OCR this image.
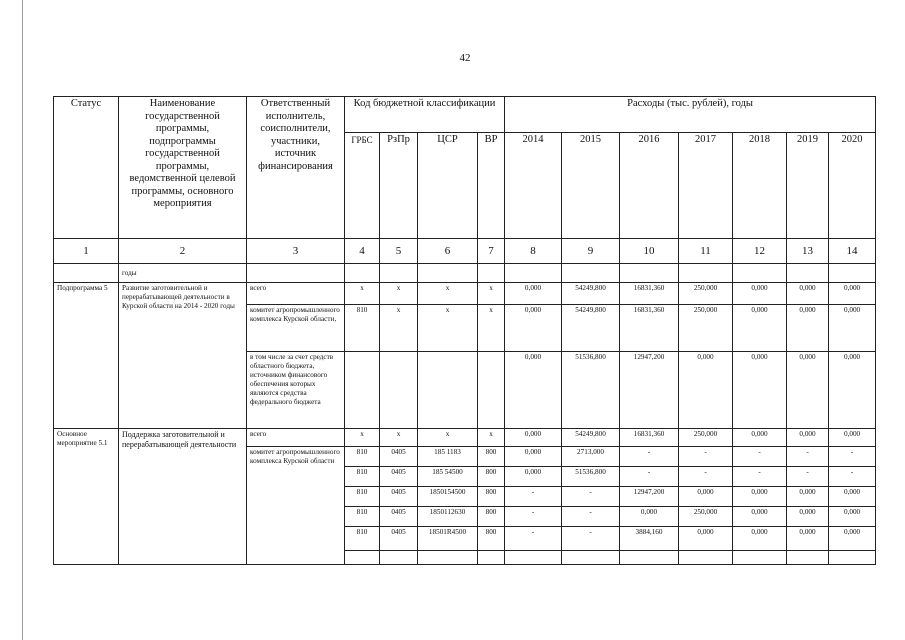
42
Статус	Наименование государственной программы, подпрограммы государственной программы, ведомственной целевой программы, основного мероприятия	Ответственный исполнитель, соисполнители, участники, источник финансирования	Код бюджетной классификации				Расходы (тыс. рублей), годы						
			ГРБС	РзПр	ЦСР	ВР	2014	2015	2016	2017	2018	2019	2020
1	2	3	4	5	6	7	8	9	10	11	12	13	14
	годы												
Подпрограмма 5	Развитие заготовительной и перерабатывающей деятельности в Курской области на 2014 - 2020 годы	всего	х	х	х	х	0,000	54249,800	16831,360	250,000	0,000	0,000	0,000
		комитет агропромышленного комплекса Курской области,	810	х	х	х	0,000	54249,800	16831,360	250,000	0,000	0,000	0,000
		в том числе за счет средств областного бюджета, источником финансового обеспечения которых являются средства федерального бюджета					0,000	51536,800	12947,200	0,000	0,000	0,000	0,000
Основное мероприятие 5.1	Поддержка заготовительной и перерабатывающей деятельности	всего	х	х	х	х	0,000	54249,800	16831,360	250,000	0,000	0,000	0,000
		комитет агропромышленного комплекса Курской области	810	0405	185 1183	800	0,000	2713,000	-	-	-	-	-
			810	0405	185 54500	800	0,000	51536,800	-	-	-	-	-
			810	0405	1850154500	800	-	-	12947,200	0,000	0,000	0,000	0,000
			810	0405	1850112630	800	-	-	0,000	250,000	0,000	0,000	0,000
			810	0405	18501R4500	800	-	-	3884,160	0,000	0,000	0,000	0,000
